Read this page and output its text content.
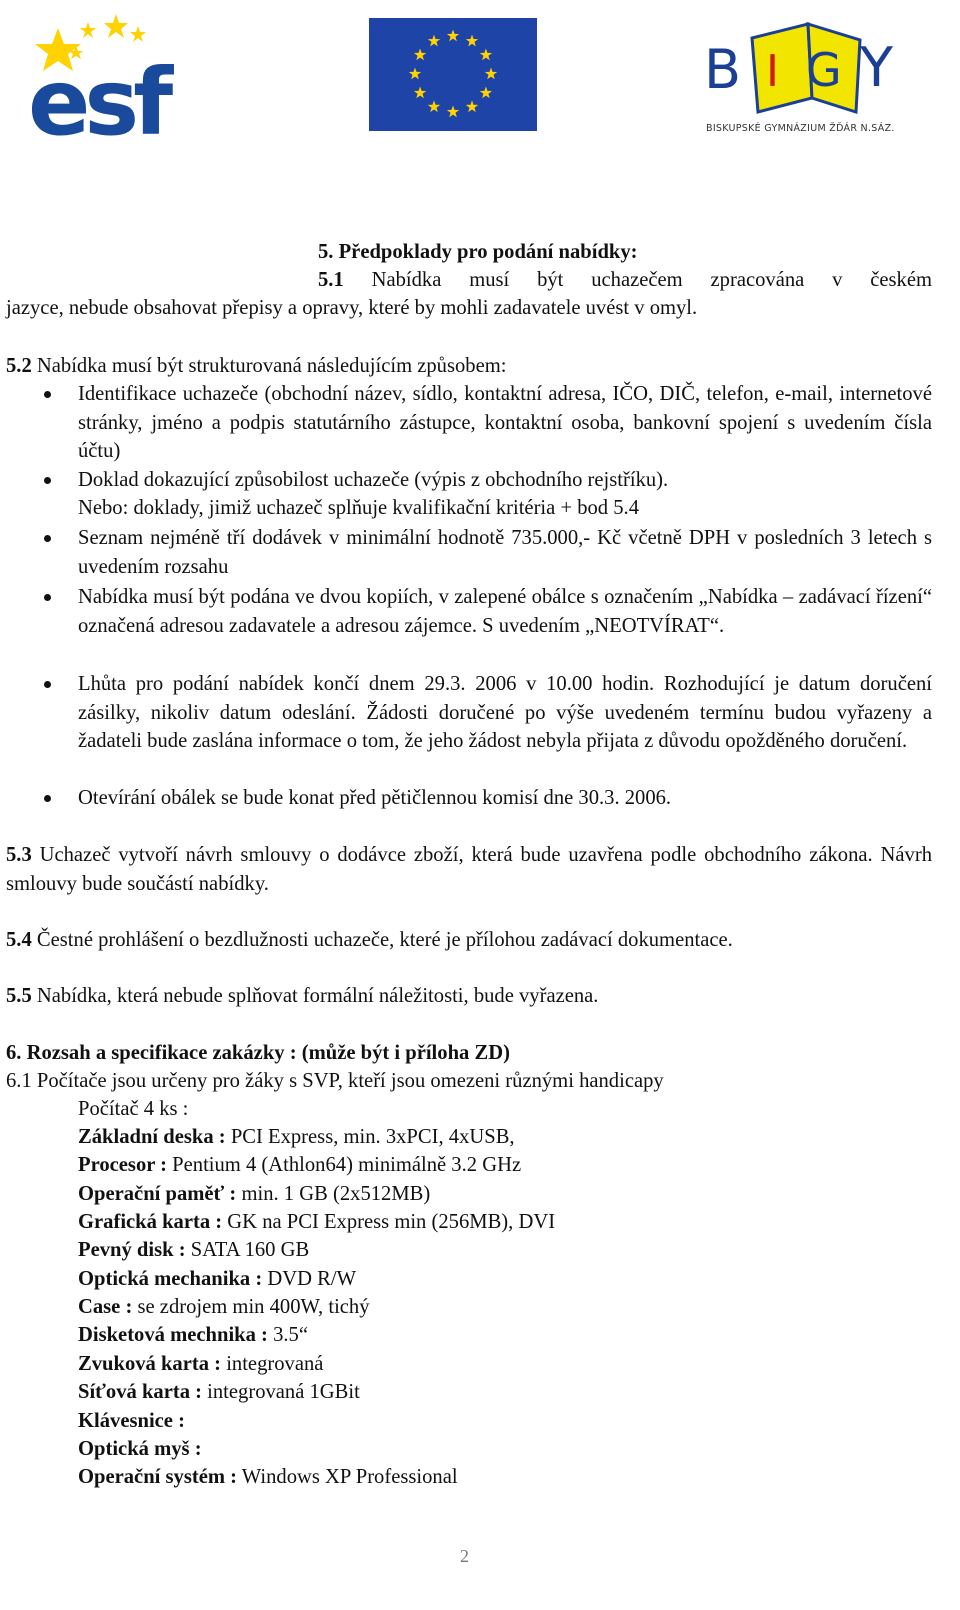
esf	B I G Y
BISKUPSKÉ GYMNÁZIUM ŽĎÁR N.SÁZ.
5. Předpoklady pro podání nabídky:
5.1 Nabídka musí být uchazečem zpracována v českém
jazyce, nebude obsahovat přepisy a opravy, které by mohli zadavatele uvést v omyl.
5.2 Nabídka musí být strukturovaná následujícím způsobem:
Identifikace uchazeče (obchodní název, sídlo, kontaktní adresa, IČO, DIČ, telefon, e-mail, internetové stránky, jméno a podpis statutárního zástupce, kontaktní osoba, bankovní spojení s uvedením čísla účtu)
Doklad dokazující způsobilost uchazeče (výpis z obchodního rejstříku).
Nebo: doklady, jimiž uchazeč splňuje kvalifikační kritéria + bod 5.4
Seznam nejméně tří dodávek v minimální hodnotě 735.000,- Kč včetně DPH v posledních 3 letech s uvedením rozsahu
Nabídka musí být podána ve dvou kopiích, v zalepené obálce s označením „Nabídka – zadávací řízení“ označená adresou zadavatele a adresou zájemce. S uvedením „NEOTVÍRAT“.
Lhůta pro podání nabídek končí dnem 29.3. 2006 v 10.00 hodin. Rozhodující je datum doručení zásilky, nikoliv datum odeslání. Žádosti doručené po výše uvedeném termínu budou vyřazeny a žadateli bude zaslána informace o tom, že jeho žádost nebyla přijata z důvodu opožděného doručení.
Otevírání obálek se bude konat před pětičlennou komisí dne 30.3. 2006.
5.3 Uchazeč vytvoří návrh smlouvy o dodávce zboží, která bude uzavřena podle obchodního zákona. Návrh smlouvy bude součástí nabídky.
5.4 Čestné prohlášení o bezdlužnosti uchazeče, které je přílohou zadávací dokumentace.
5.5 Nabídka, která nebude splňovat formální náležitosti, bude vyřazena.
6. Rozsah a specifikace zakázky : (může být i příloha ZD)
6.1 Počítače jsou určeny pro žáky s SVP, kteří jsou omezeni různými handicapy
Počítač 4 ks :
Základní deska : PCI Express, min. 3xPCI, 4xUSB,
Procesor : Pentium 4 (Athlon64) minimálně 3.2 GHz
Operační paměť : min. 1 GB (2x512MB)
Grafická karta : GK na PCI Express min (256MB), DVI
Pevný disk : SATA 160 GB
Optická mechanika : DVD R/W
Case : se zdrojem min 400W, tichý
Disketová mechnika : 3.5“
Zvuková karta : integrovaná
Síťová karta : integrovaná 1GBit
Klávesnice :
Optická myš :
Operační systém : Windows XP Professional
2
